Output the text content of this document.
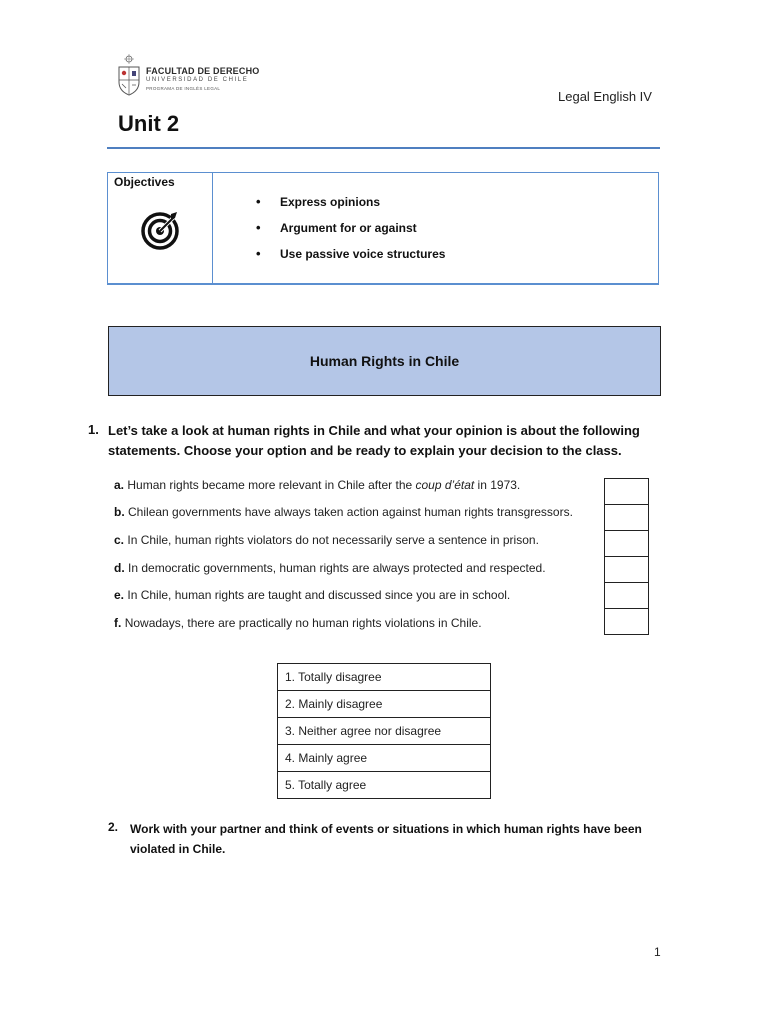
FACULTAD DE DERECHO
UNIVERSIDAD DE CHILE
PROGRAMA DE INGLÉS LEGAL
Legal English IV
Unit 2
Objectives
• Express opinions
• Argument for or against
• Use passive voice structures
Human Rights in Chile
1. Let’s take a look at human rights in Chile and what your opinion is about the following statements. Choose your option and be ready to explain your decision to the class.
a. Human rights became more relevant in Chile after the coup d’état in 1973.
b. Chilean governments have always taken action against human rights transgressors.
c. In Chile, human rights violators do not necessarily serve a sentence in prison.
d. In democratic governments, human rights are always protected and respected.
e. In Chile, human rights are taught and discussed since you are in school.
f. Nowadays, there are practically no human rights violations in Chile.
1. Totally disagree
2. Mainly disagree
3. Neither agree nor disagree
4. Mainly agree
5. Totally agree
2. Work with your partner and think of events or situations in which human rights have been violated in Chile.
1
